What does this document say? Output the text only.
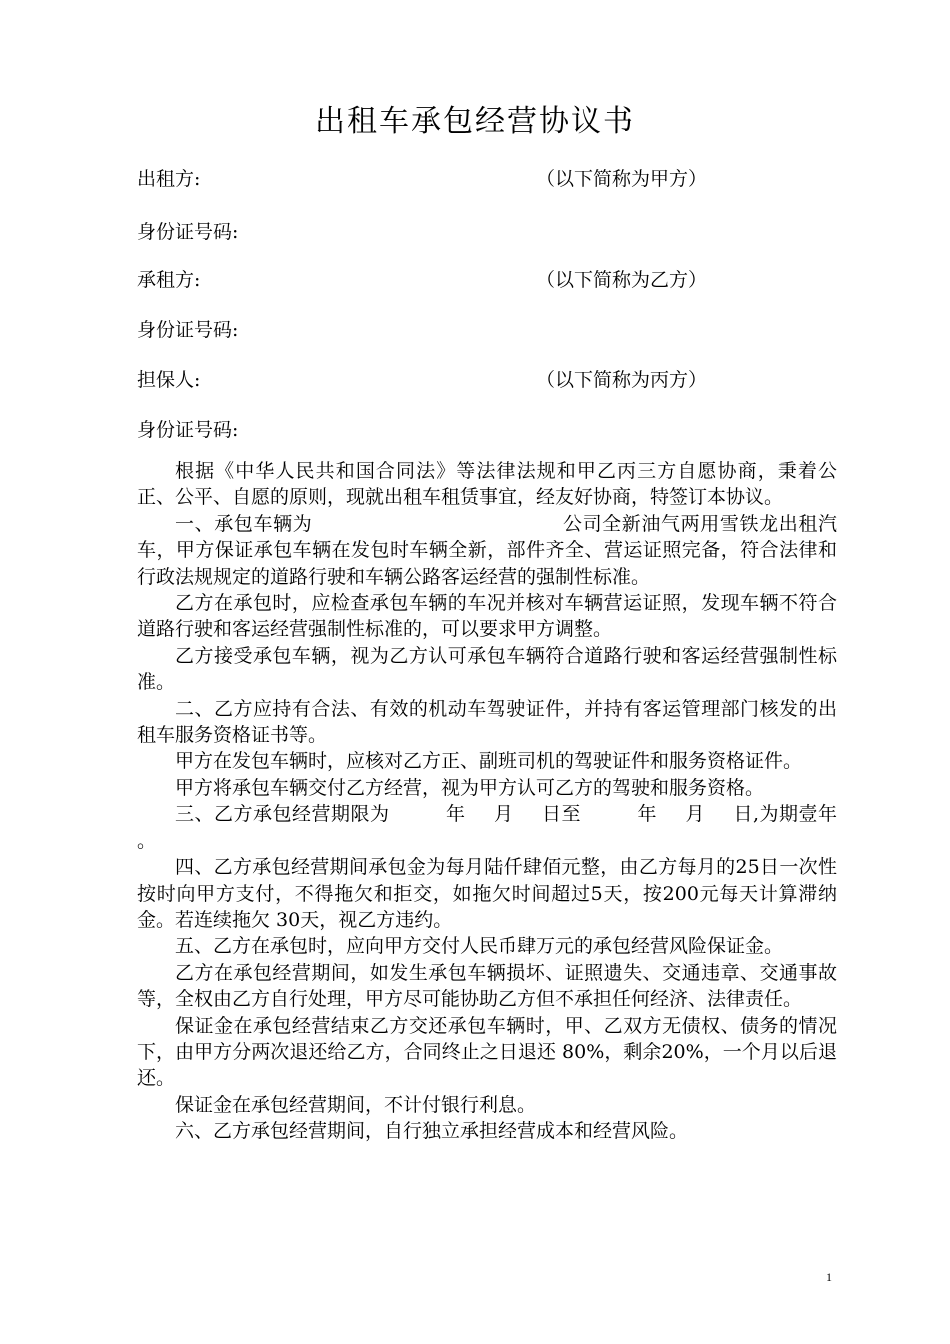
出租车承包经营协议书
出租方:	（以下简称为甲方）
身份证号码:
承租方:	（以下简称为乙方）
身份证号码:
担保人:	（以下简称为丙方）
身份证号码:

根据《中华人民共和国合同法》等法律法规和甲乙丙三方自愿协商，秉着公正、公平、自愿的原则，现就出租车租赁事宜，经友好协商，特签订本协议。

一、承包车辆为	公司全新油气两用雪铁龙出租汽车，甲方保证承包车辆在发包时车辆全新，部件齐全、营运证照完备，符合法律和行政法规规定的道路行驶和车辆公路客运经营的强制性标准。

乙方在承包时，应检查承包车辆的车况并核对车辆营运证照，发现车辆不符合道路行驶和客运经营强制性标准的，可以要求甲方调整。

乙方接受承包车辆，视为乙方认可承包车辆符合道路行驶和客运经营强制性标准。

二、乙方应持有合法、有效的机动车驾驶证件，并持有客运管理部门核发的出租车服务资格证书等。

甲方在发包车辆时，应核对乙方正、副班司机的驾驶证件和服务资格证件。

甲方将承包车辆交付乙方经营，视为甲方认可乙方的驾驶和服务资格。

三、乙方承包经营期限为	年 月 日至	年 月 日,为期壹年 。

四、乙方承包经营期间承包金为每月陆仟肆佰元整，由乙方每月的25日一次性按时向甲方支付，不得拖欠和拒交，如拖欠时间超过5天，按200元每天计算滞纳金。若连续拖欠 30天，视乙方违约。

五、乙方在承包时，应向甲方交付人民币肆万元的承包经营风险保证金。

乙方在承包经营期间，如发生承包车辆损坏、证照遗失、交通违章、交通事故等，全权由乙方自行处理，甲方尽可能协助乙方但不承担任何经济、法律责任。

保证金在承包经营结束乙方交还承包车辆时，甲、乙双方无债权、债务的情况下，由甲方分两次退还给乙方，合同终止之日退还 80%，剩余20%，一个月以后退还。

保证金在承包经营期间，不计付银行利息。

六、乙方承包经营期间，自行独立承担经营成本和经营风险。

1
